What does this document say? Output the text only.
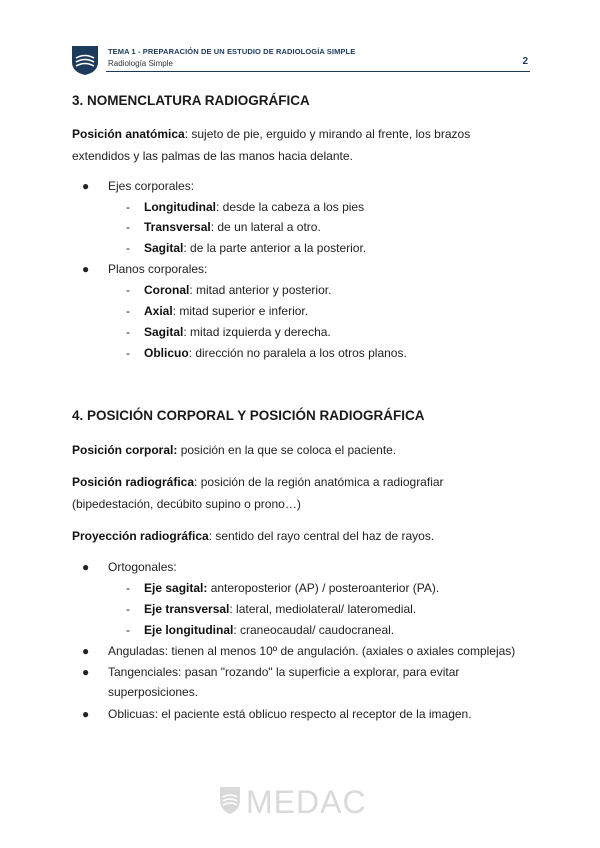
TEMA 1 - PREPARACIÓN DE UN ESTUDIO DE RADIOLOGÍA SIMPLE
Radiología Simple	2
3. NOMENCLATURA RADIOGRÁFICA
Posición anatómica: sujeto de pie, erguido y mirando al frente, los brazos
extendidos y las palmas de las manos hacia delante.
● Ejes corporales:
- Longitudinal: desde la cabeza a los pies
- Transversal: de un lateral a otro.
- Sagital: de la parte anterior a la posterior.
● Planos corporales:
- Coronal: mitad anterior y posterior.
- Axial: mitad superior e inferior.
- Sagital: mitad izquierda y derecha.
- Oblicuo: dirección no paralela a los otros planos.
4. POSICIÓN CORPORAL Y POSICIÓN RADIOGRÁFICA
Posición corporal: posición en la que se coloca el paciente.
Posición radiográfica: posición de la región anatómica a radiografiar
(bipedestación, decúbito supino o prono…)
Proyección radiográfica: sentido del rayo central del haz de rayos.
● Ortogonales:
- Eje sagital: anteroposterior (AP) / posteroanterior (PA).
- Eje transversal: lateral, mediolateral/ lateromedial.
- Eje longitudinal: craneocaudal/ caudocraneal.
● Anguladas: tienen al menos 10º de angulación. (axiales o axiales complejas)
● Tangenciales: pasan "rozando" la superficie a explorar, para evitar
superposiciones.
● Oblicuas: el paciente está oblicuo respecto al receptor de la imagen.
MEDAC
